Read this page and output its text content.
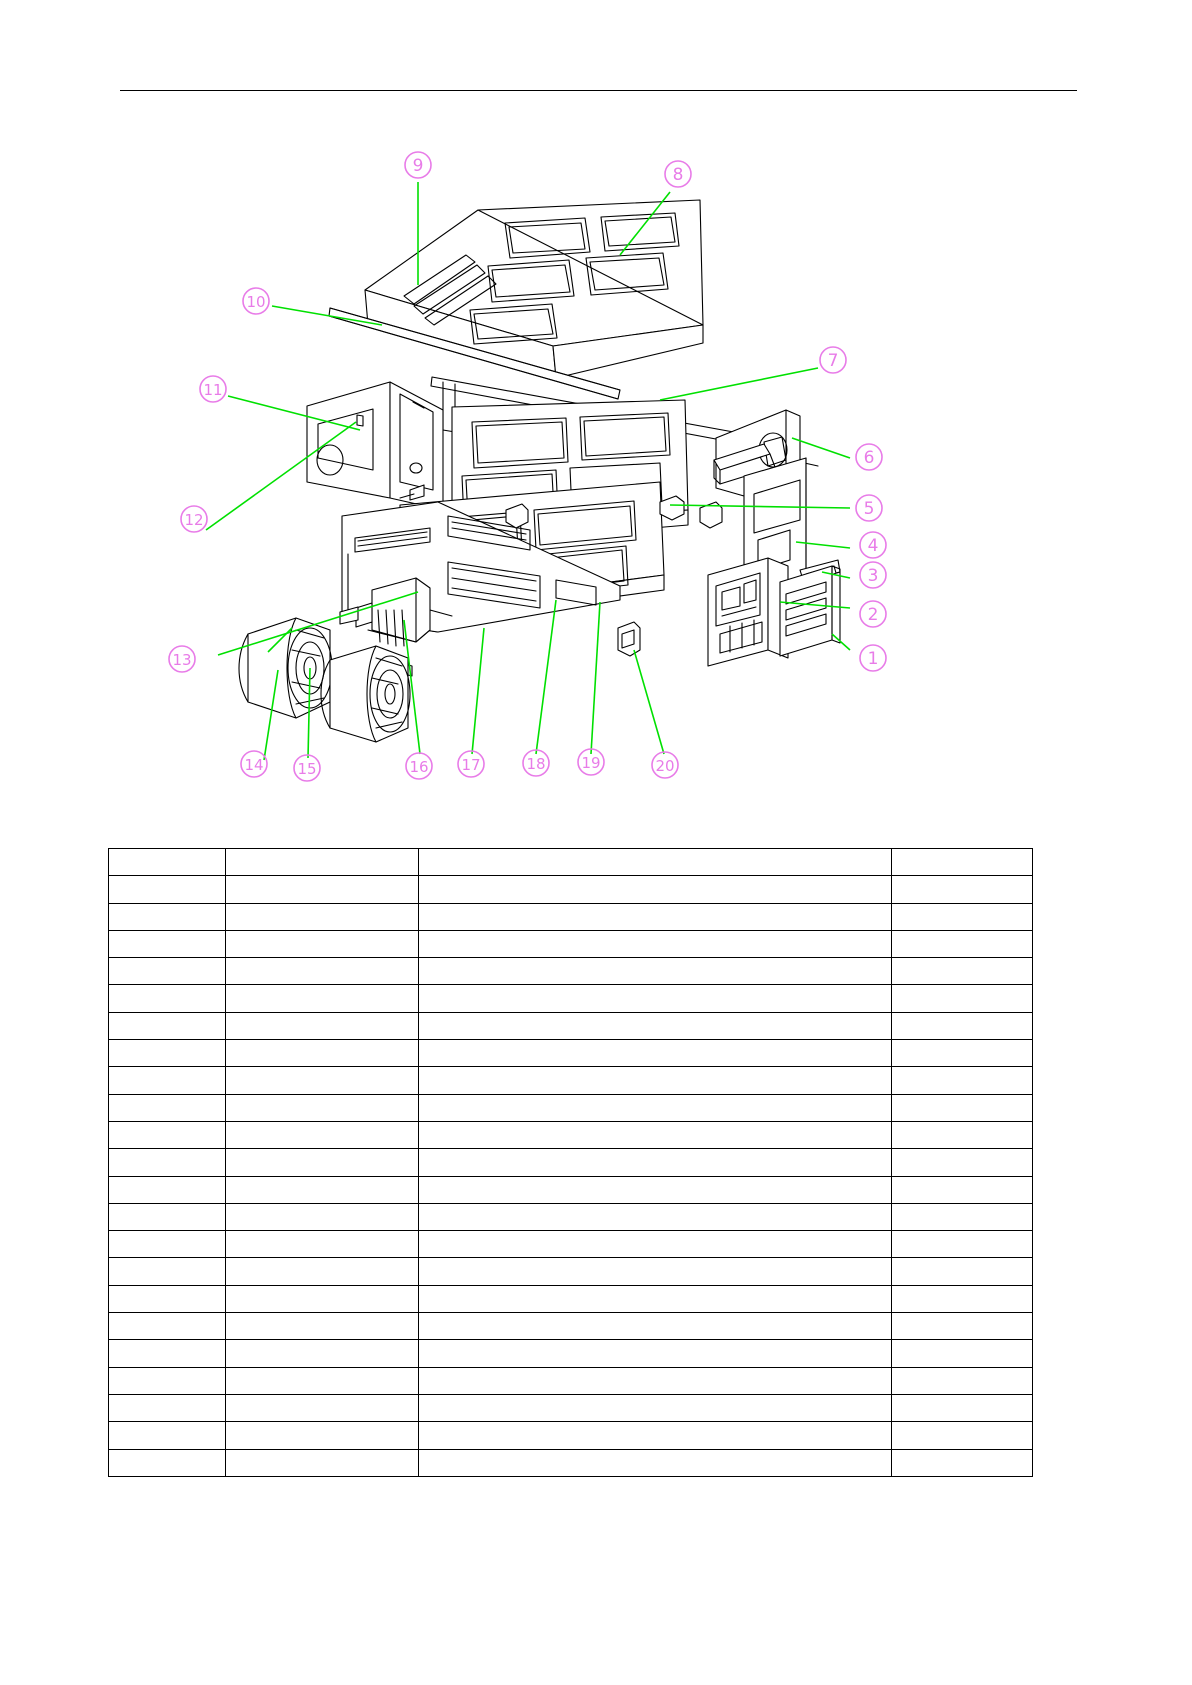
9	8
10
11
7
6
5
4
3
2
1
12
13
14 15	16 17	18 19	20
